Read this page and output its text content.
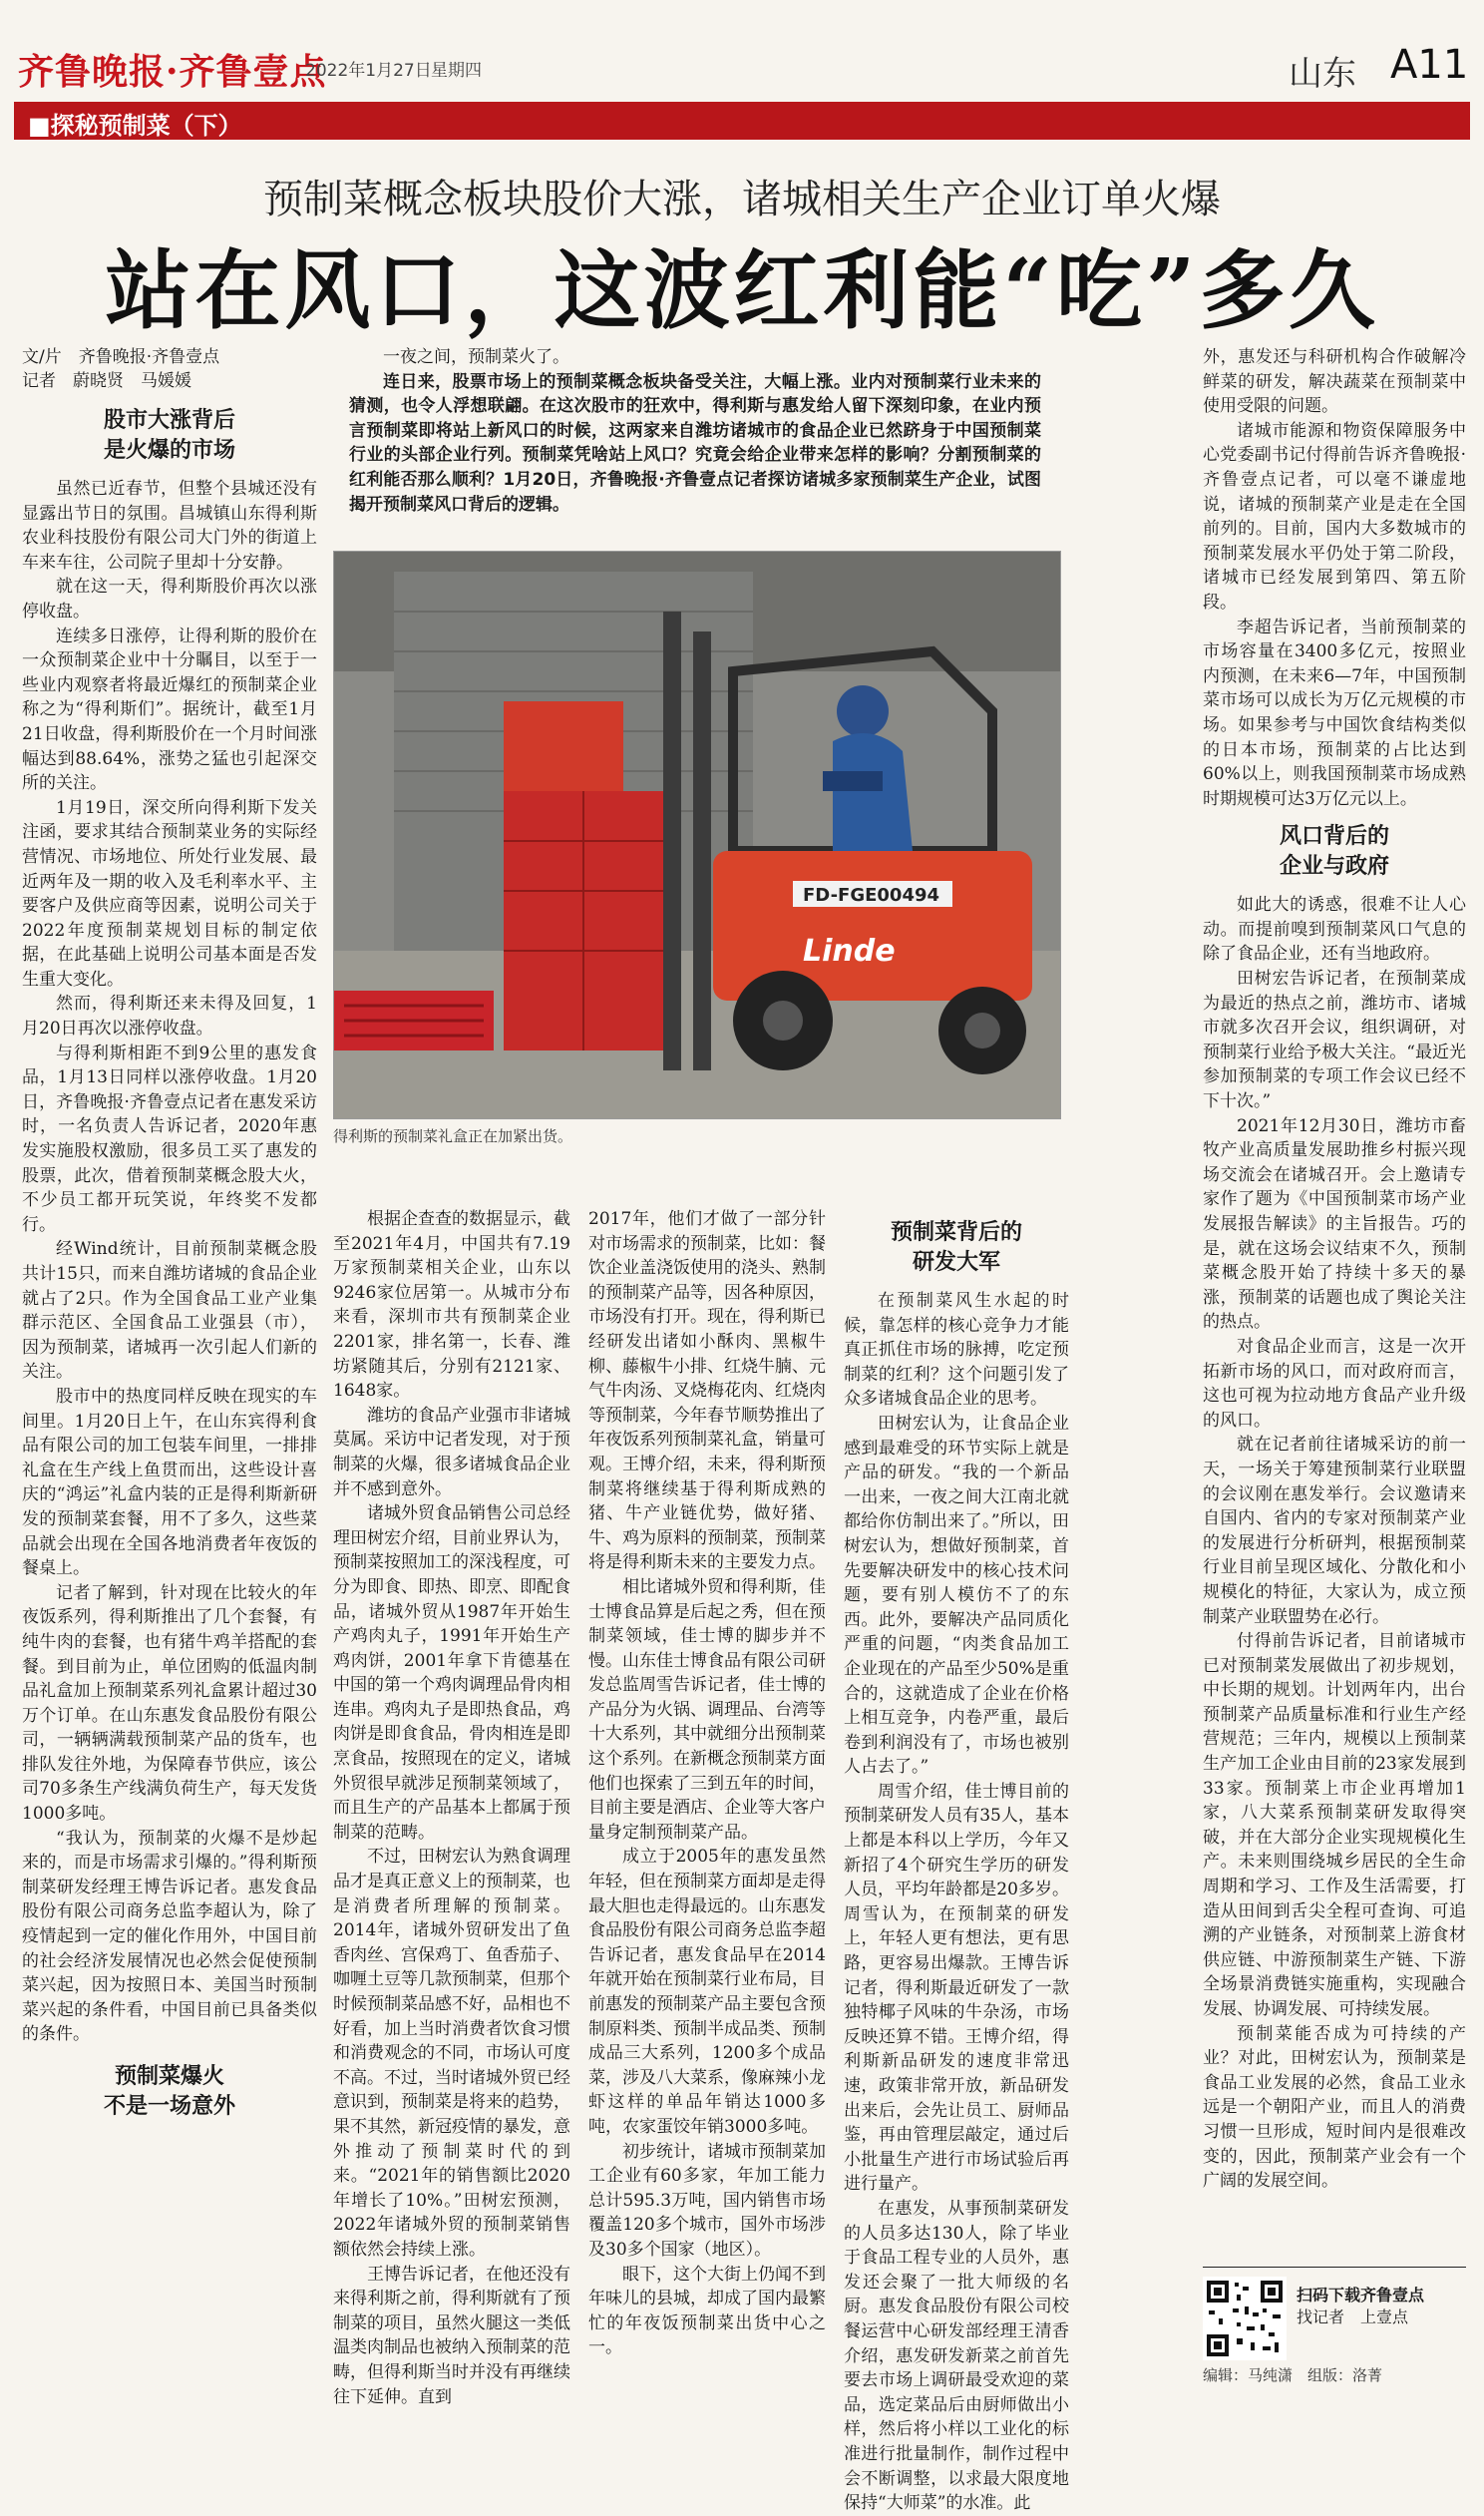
齐鲁晚报·齐鲁壹点
2022年1月27日 星期四	山东 A11
■探秘预制菜（下）
预制菜概念板块股价大涨，诸城相关生产企业订单火爆
站在风口，这波红利能“吃”多久
文/片　齐鲁晚报·齐鲁壹点
记者　蔚晓贤　马媛媛

一夜之间，预制菜火了。

连日来，股票市场上的预制菜概念板块备受关注，大幅上涨。业内对预制菜行业未来的猜测，也令人浮想联翩。在这次股市的狂欢中，得利斯与惠发给人留下深刻印象，在业内预言预制菜即将站上新风口的时候，这两家来自潍坊诸城市的食品企业已然跻身于中国预制菜行业的头部企业行列。预制菜凭啥站上风口？究竟会给企业带来怎样的影响？分割预制菜的红利能否那么顺利？1月20日，齐鲁晚报·齐鲁壹点记者探访诸城多家预制菜生产企业，试图揭开预制菜风口背后的逻辑。

FD-FGE00494
Linde
得利斯的预制菜礼盒正在加紧出货。
股市大涨背后
是火爆的市场

虽然已近春节，但整个县城还没有显露出节日的氛围。昌城镇山东得利斯农业科技股份有限公司大门外的街道上车来车往，公司院子里却十分安静。

就在这一天，得利斯股价再次以涨停收盘。

连续多日涨停，让得利斯的股价在一众预制菜企业中十分瞩目，以至于一些业内观察者将最近爆红的预制菜企业称之为“得利斯们”。据统计，截至1月21日收盘，得利斯股价在一个月时间涨幅达到88.64%，涨势之猛也引起深交所的关注。

1月19日，深交所向得利斯下发关注函，要求其结合预制菜业务的实际经营情况、市场地位、所处行业发展、最近两年及一期的收入及毛利率水平、主要客户及供应商等因素，说明公司关于2022年度预制菜规划目标的制定依据，在此基础上说明公司基本面是否发生重大变化。

然而，得利斯还来未得及回复，1月20日再次以涨停收盘。

与得利斯相距不到9公里的惠发食品，1月13日同样以涨停收盘。1月20日，齐鲁晚报·齐鲁壹点记者在惠发采访时，一名负责人告诉记者，2020年惠发实施股权激励，很多员工买了惠发的股票，此次，借着预制菜概念股大火，不少员工都开玩笑说，年终奖不发都行。

经Wind统计，目前预制菜概念股共计15只，而来自潍坊诸城的食品企业就占了2只。作为全国食品工业产业集群示范区、全国食品工业强县（市），因为预制菜，诸城再一次引起人们新的关注。

股市中的热度同样反映在现实的车间里。1月20日上午，在山东宾得利食品有限公司的加工包装车间里，一排排礼盒在生产线上鱼贯而出，这些设计喜庆的“鸿运”礼盒内装的正是得利斯新研发的预制菜套餐，用不了多久，这些菜品就会出现在全国各地消费者年夜饭的餐桌上。

记者了解到，针对现在比较火的年夜饭系列，得利斯推出了几个套餐，有纯牛肉的套餐，也有猪牛鸡羊搭配的套餐。到目前为止，单位团购的低温肉制品礼盒加上预制菜系列礼盒累计超过30万个订单。在山东惠发食品股份有限公司，一辆辆满载预制菜产品的货车，也排队发往外地，为保障春节供应，该公司70多条生产线满负荷生产，每天发货1000多吨。

“我认为，预制菜的火爆不是炒起来的，而是市场需求引爆的。”得利斯预制菜研发经理王博告诉记者。惠发食品股份有限公司商务总监李超认为，除了疫情起到一定的催化作用外，中国目前的社会经济发展情况也必然会促使预制菜兴起，因为按照日本、美国当时预制菜兴起的条件看，中国目前已具备类似的条件。

预制菜爆火
不是一场意外

根据企查查的数据显示，截至2021年4月，中国共有7.19万家预制菜相关企业，山东以9246家位居第一。从城市分布来看，深圳市共有预制菜企业2201家，排名第一，长春、潍坊紧随其后，分别有2121家、1648家。

潍坊的食品产业强市非诸城莫属。采访中记者发现，对于预制菜的火爆，很多诸城食品企业并不感到意外。

诸城外贸食品销售公司总经理田树宏介绍，目前业界认为，预制菜按照加工的深浅程度，可分为即食、即热、即烹、即配食品，诸城外贸从1987年开始生产鸡肉丸子，1991年开始生产鸡肉饼，2001年拿下肯德基在中国的第一个鸡肉调理品骨肉相连串。鸡肉丸子是即热食品，鸡肉饼是即食食品，骨肉相连是即烹食品，按照现在的定义，诸城外贸很早就涉足预制菜领域了，而且生产的产品基本上都属于预制菜的范畴。

不过，田树宏认为熟食调理品才是真正意义上的预制菜，也是消费者所理解的预制菜。2014年，诸城外贸研发出了鱼香肉丝、宫保鸡丁、鱼香茄子、咖喱土豆等几款预制菜，但那个时候预制菜品感不好，品相也不好看，加上当时消费者饮食习惯和消费观念的不同，市场认可度不高。不过，当时诸城外贸已经意识到，预制菜是将来的趋势，果不其然，新冠疫情的暴发，意外推动了预制菜时代的到来。“2021年的销售额比2020年增长了10%。”田树宏预测，2022年诸城外贸的预制菜销售额依然会持续上涨。

王博告诉记者，在他还没有来得利斯之前，得利斯就有了预制菜的项目，虽然火腿这一类低温类肉制品也被纳入预制菜的范畴，但得利斯当时并没有再继续往下延伸。直到

2017年，他们才做了一部分针对市场需求的预制菜，比如：餐饮企业盖浇饭使用的浇头、熟制的预制菜产品等，因各种原因，市场没有打开。现在，得利斯已经研发出诸如小酥肉、黑椒牛柳、藤椒牛小排、红烧牛腩、元气牛肉汤、叉烧梅花肉、红烧肉等预制菜，今年春节顺势推出了年夜饭系列预制菜礼盒，销量可观。王博介绍，未来，得利斯预制菜将继续基于得利斯成熟的猪、牛产业链优势，做好猪、牛、鸡为原料的预制菜，预制菜将是得利斯未来的主要发力点。

相比诸城外贸和得利斯，佳士博食品算是后起之秀，但在预制菜领域，佳士博的脚步并不慢。山东佳士博食品有限公司研发总监周雪告诉记者，佳士博的产品分为火锅、调理品、台湾等十大系列，其中就细分出预制菜这个系列。在新概念预制菜方面他们也探索了三到五年的时间，目前主要是酒店、企业等大客户量身定制预制菜产品。

成立于2005年的惠发虽然年轻，但在预制菜方面却是走得最大胆也走得最远的。山东惠发食品股份有限公司商务总监李超告诉记者，惠发食品早在2014年就开始在预制菜行业布局，目前惠发的预制菜产品主要包含预制原料类、预制半成品类、预制成品三大系列，1200多个成品菜，涉及八大菜系，像麻辣小龙虾这样的单品年销达1000多吨，农家蛋饺年销3000多吨。

初步统计，诸城市预制菜加工企业有60多家，年加工能力总计595.3万吨，国内销售市场覆盖120多个城市，国外市场涉及30多个国家（地区）。

眼下，这个大街上仍闻不到年味儿的县城，却成了国内最繁忙的年夜饭预制菜出货中心之一。

预制菜背后的
研发大军

在预制菜风生水起的时候，靠怎样的核心竞争力才能真正抓住市场的脉搏，吃定预制菜的红利？这个问题引发了众多诸城食品企业的思考。

田树宏认为，让食品企业感到最难受的环节实际上就是产品的研发。“我的一个新品一出来，一夜之间大江南北就都给你仿制出来了。”所以，田树宏认为，想做好预制菜，首先要解决研发中的核心技术问题，要有别人模仿不了的东西。此外，要解决产品同质化严重的问题，“肉类食品加工企业现在的产品至少50%是重合的，这就造成了企业在价格上相互竞争，内卷严重，最后卷到利润没有了，市场也被别人占去了。”

周雪介绍，佳士博目前的预制菜研发人员有35人，基本上都是本科以上学历，今年又新招了4个研究生学历的研发人员，平均年龄都是20多岁。周雪认为，在预制菜的研发上，年轻人更有想法，更有思路，更容易出爆款。王博告诉记者，得利斯最近研发了一款独特椰子风味的牛杂汤，市场反映还算不错。王博介绍，得利斯新品研发的速度非常迅速，政策非常开放，新品研发出来后，会先让员工、厨师品鉴，再由管理层敲定，通过后小批量生产进行市场试验后再进行量产。

在惠发，从事预制菜研发的人员多达130人，除了毕业于食品工程专业的人员外，惠发还会聚了一批大师级的名厨。惠发食品股份有限公司校餐运营中心研发部经理王清香介绍，惠发研发新菜之前首先要去市场上调研最受欢迎的菜品，选定菜品后由厨师做出小样，然后将小样以工业化的标准进行批量制作，制作过程中会不断调整，以求最大限度地保持“大师菜”的水准。此

外，惠发还与科研机构合作破解冷鲜菜的研发，解决蔬菜在预制菜中使用受限的问题。

诸城市能源和物资保障服务中心党委副书记付得前告诉齐鲁晚报·齐鲁壹点记者，可以毫不谦虚地说，诸城的预制菜产业是走在全国前列的。目前，国内大多数城市的预制菜发展水平仍处于第二阶段，诸城市已经发展到第四、第五阶段。

李超告诉记者，当前预制菜的市场容量在3400多亿元，按照业内预测，在未来6—7年，中国预制菜市场可以成长为万亿元规模的市场。如果参考与中国饮食结构类似的日本市场，预制菜的占比达到60%以上，则我国预制菜市场成熟时期规模可达3万亿元以上。

风口背后的
企业与政府

如此大的诱惑，很难不让人心动。而提前嗅到预制菜风口气息的除了食品企业，还有当地政府。

田树宏告诉记者，在预制菜成为最近的热点之前，潍坊市、诸城市就多次召开会议，组织调研，对预制菜行业给予极大关注。“最近光参加预制菜的专项工作会议已经不下十次。”

2021年12月30日，潍坊市畜牧产业高质量发展助推乡村振兴现场交流会在诸城召开。会上邀请专家作了题为《中国预制菜市场产业发展报告解读》的主旨报告。巧的是，就在这场会议结束不久，预制菜概念股开始了持续十多天的暴涨，预制菜的话题也成了舆论关注的热点。

对食品企业而言，这是一次开拓新市场的风口，而对政府而言，这也可视为拉动地方食品产业升级的风口。

就在记者前往诸城采访的前一天，一场关于筹建预制菜行业联盟的会议刚在惠发举行。会议邀请来自国内、省内的专家对预制菜产业的发展进行分析研判，根据预制菜行业目前呈现区域化、分散化和小规模化的特征，大家认为，成立预制菜产业联盟势在必行。

付得前告诉记者，目前诸城市已对预制菜发展做出了初步规划，中长期的规划。计划两年内，出台预制菜产品质量标准和行业生产经营规范；三年内，规模以上预制菜生产加工企业由目前的23家发展到33家。预制菜上市企业再增加1家，八大菜系预制菜研发取得突破，并在大部分企业实现规模化生产。未来则围绕城乡居民的全生命周期和学习、工作及生活需要，打造从田间到舌尖全程可查询、可追溯的产业链条，对预制菜上游食材供应链、中游预制菜生产链、下游全场景消费链实施重构，实现融合发展、协调发展、可持续发展。

预制菜能否成为可持续的产业？对此，田树宏认为，预制菜是食品工业发展的必然，食品工业永远是一个朝阳产业，而且人的消费习惯一旦形成，短时间内是很难改变的，因此，预制菜产业会有一个广阔的发展空间。

扫码下载齐鲁壹点
找记者　上壹点
编辑：马纯潇　组版：洛菁
